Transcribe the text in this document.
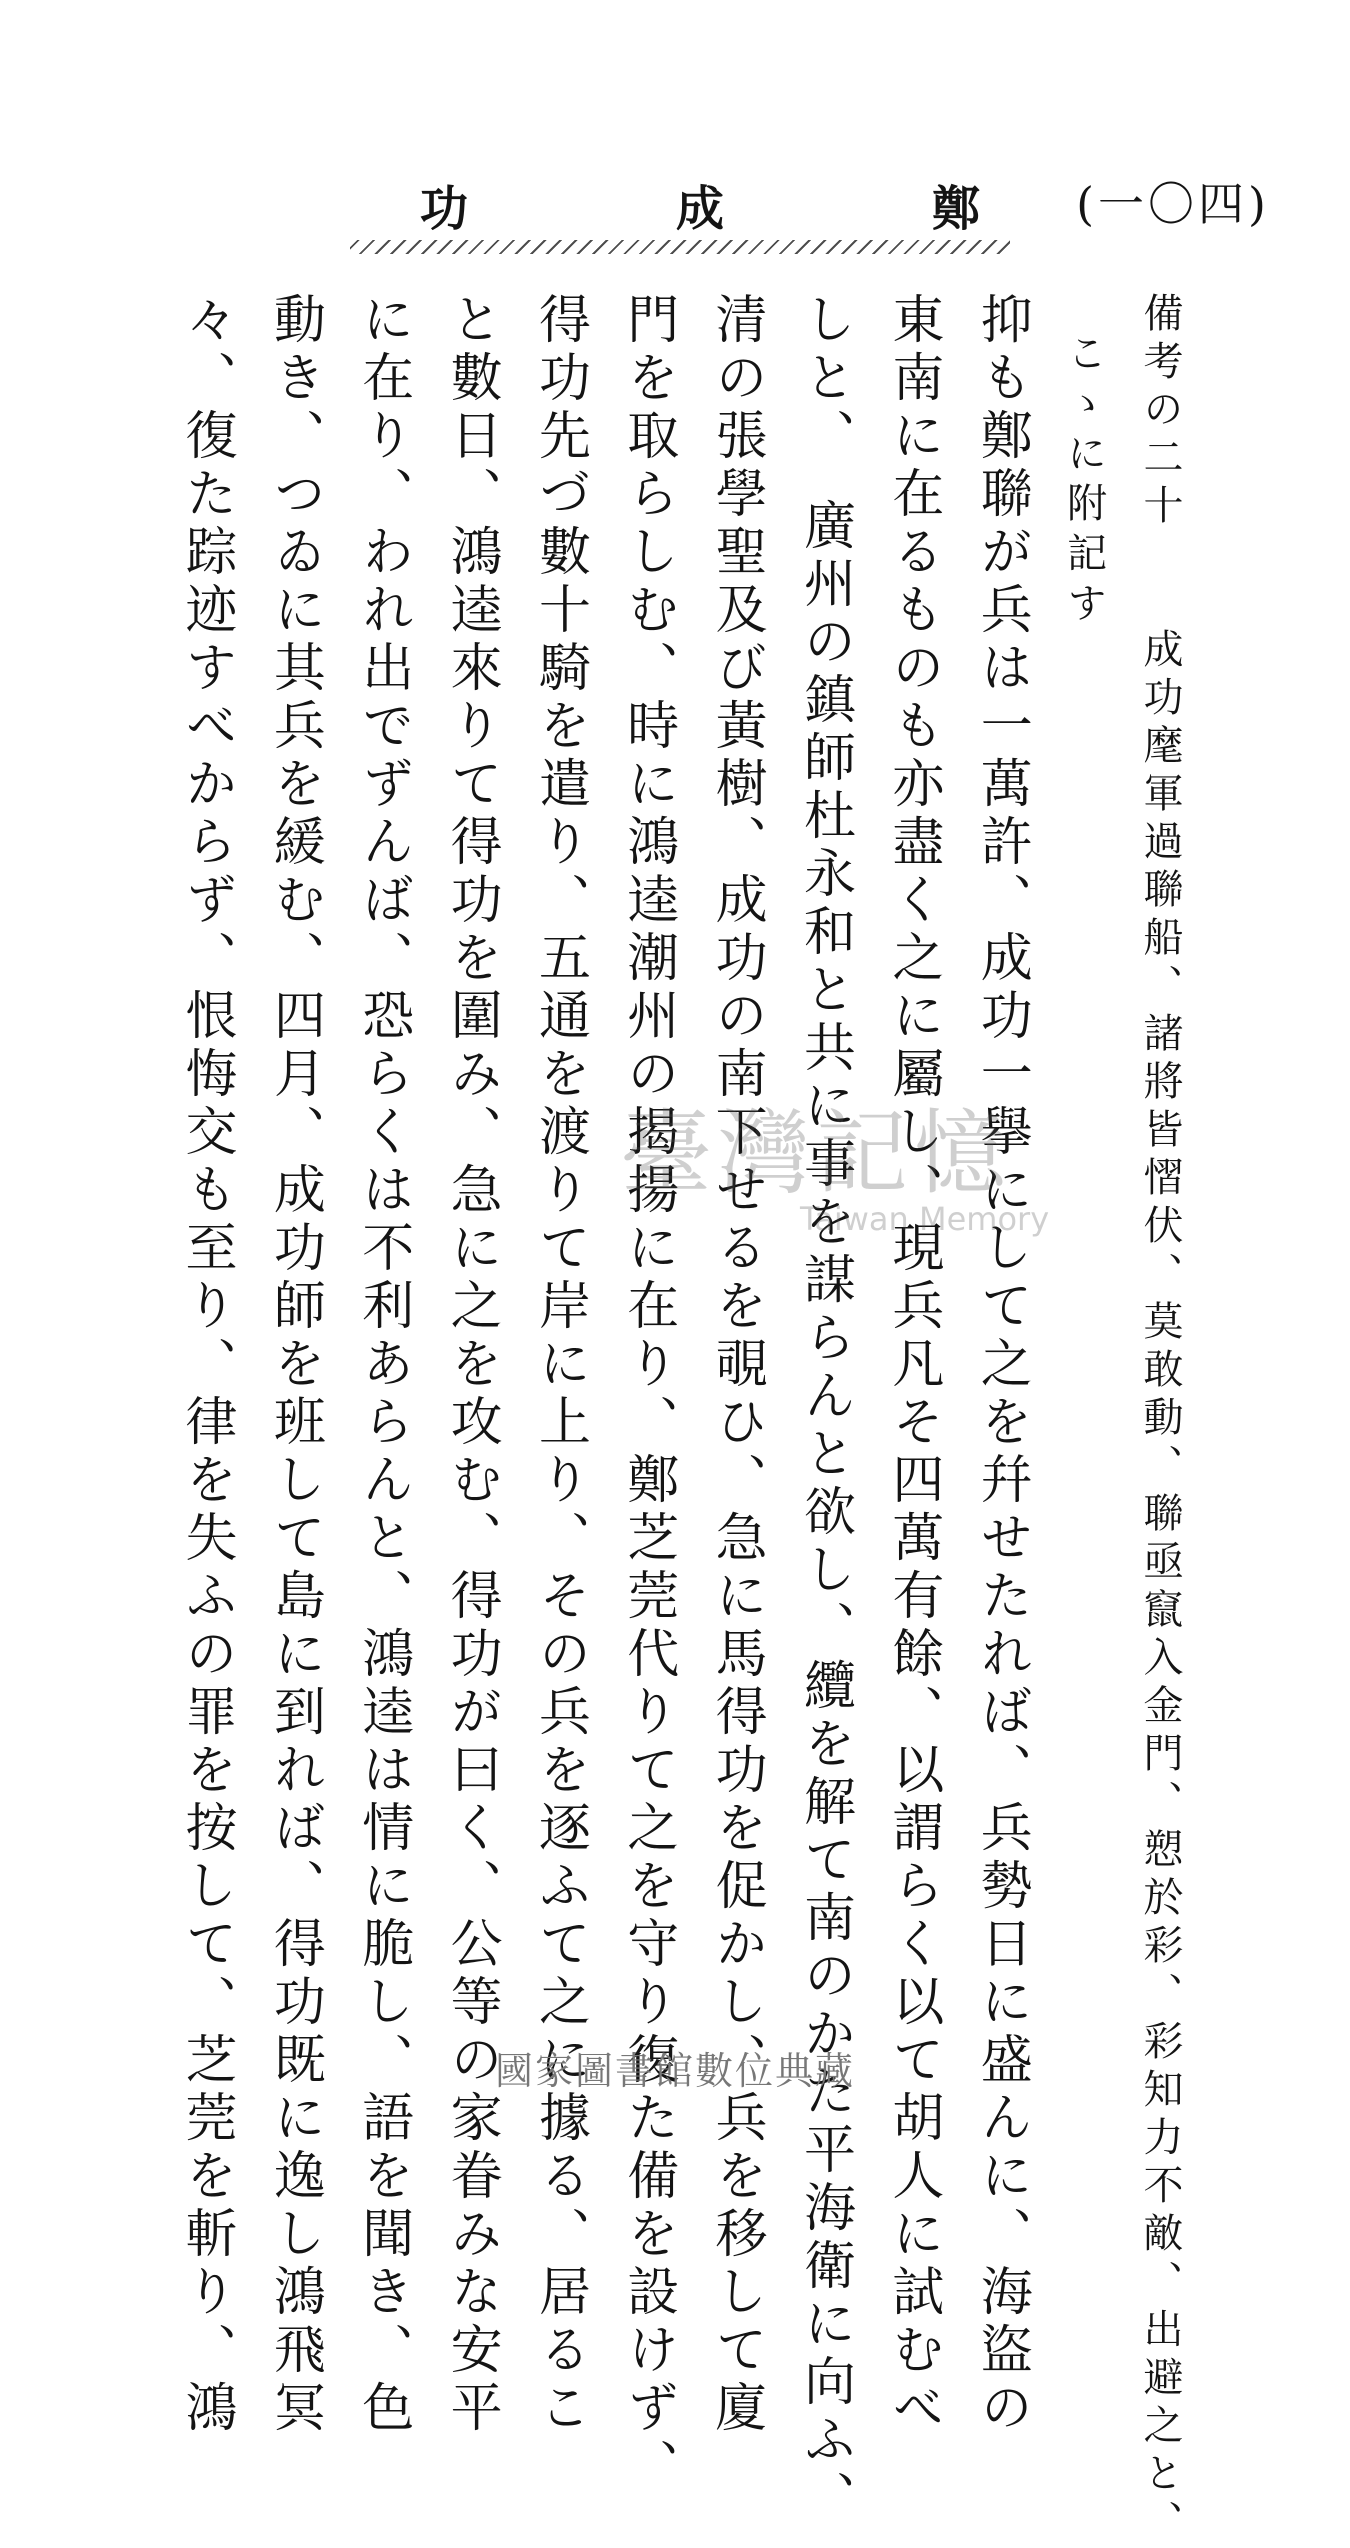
(一〇四)
功	成	鄭
備考の二十　　成功麾軍過聯船、諸將皆慴伏、莫敢動、聯亟竄入金門、愬於彩、彩知力不敵、出避之と、
こゝに附記す
抑も鄭聯が兵は一萬許、成功一擧にして之を幷せたれば、兵勢日に盛んに、海盜の
東南に在るものも亦盡く之に屬し、現兵凡そ四萬有餘、以謂らく以て胡人に試むべ
しと、　廣州の鎮師杜永和と共に事を謀らんと欲し、纜を解て南のかた平海衛に向ふ、
清の張學聖及び黃樹、成功の南下せるを覗ひ、急に馬得功を促かし、兵を移して廈
門を取らしむ、時に鴻逵潮州の揭揚に在り、鄭芝莞代りて之を守り復た備を設けず、
得功先づ數十騎を遣り、五通を渡りて岸に上り、その兵を逐ふて之に據る、居るこ
と數日、鴻逵來りて得功を圍み、急に之を攻む、得功が曰く、公等の家眷みな安平
に在り、われ出でずんば、恐らくは不利あらんと、鴻逵は情に脆し、語を聞き、色
動き、つゐに其兵を緩む、四月、成功師を班して島に到れば、得功既に逸し鴻飛冥
々、復た踪迹すべからず、恨悔交も至り、律を失ふの罪を按して、芝莞を斬り、鴻	臺灣記憶
Taiwan Memory
國家圖書館數位典藏
